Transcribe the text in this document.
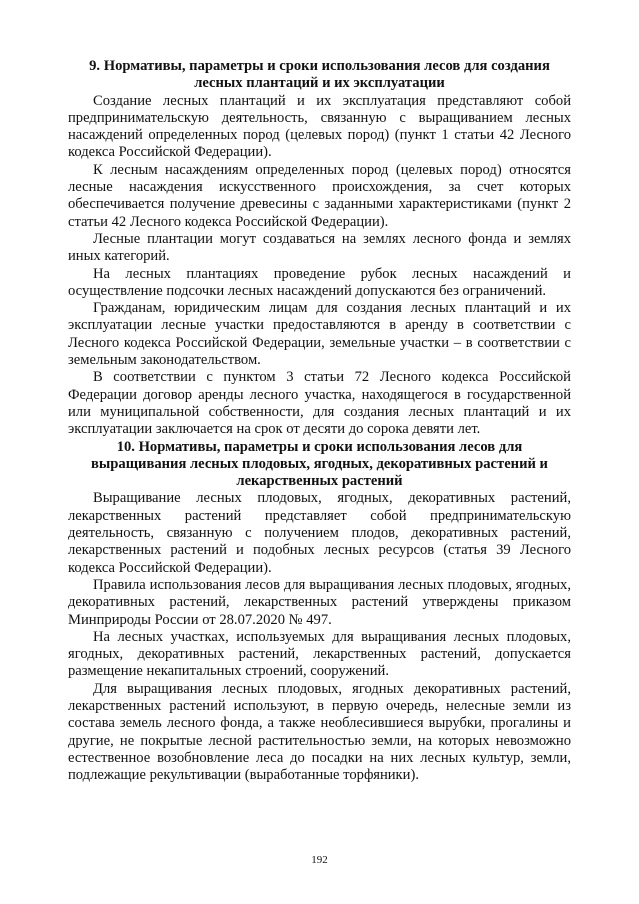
9. Нормативы, параметры и сроки использования лесов для создания лесных плантаций и их эксплуатации

Создание лесных плантаций и их эксплуатация представляют собой предпринимательскую деятельность, связанную с выращиванием лесных насаждений определенных пород (целевых пород) (пункт 1 статьи 42 Лесного кодекса Российской Федерации).

К лесным насаждениям определенных пород (целевых пород) относятся лесные насаждения искусственного происхождения, за счет которых обеспечивается получение древесины с заданными характеристиками (пункт 2 статьи 42 Лесного кодекса Российской Федерации).

Лесные плантации могут создаваться на землях лесного фонда и землях иных категорий.

На лесных плантациях проведение рубок лесных насаждений и осуществление подсочки лесных насаждений допускаются без ограничений.

Гражданам, юридическим лицам для создания лесных плантаций и их эксплуатации лесные участки предоставляются в аренду в соответствии с Лесного кодекса Российской Федерации, земельные участки – в соответствии с земельным законодательством.

В соответствии с пунктом 3 статьи 72 Лесного кодекса Российской Федерации договор аренды лесного участка, находящегося в государственной или муниципальной собственности, для создания лесных плантаций и их эксплуатации заключается на срок от десяти до сорока девяти лет.

10. Нормативы, параметры и сроки использования лесов для выращивания лесных плодовых, ягодных, декоративных растений и лекарственных растений

Выращивание лесных плодовых, ягодных, декоративных растений, лекарственных растений представляет собой предпринимательскую деятельность, связанную с получением плодов, декоративных растений, лекарственных растений и подобных лесных ресурсов (статья 39 Лесного кодекса Российской Федерации).

Правила использования лесов для выращивания лесных плодовых, ягодных, декоративных растений, лекарственных растений утверждены приказом Минприроды России от 28.07.2020 № 497.

На лесных участках, используемых для выращивания лесных плодовых, ягодных, декоративных растений, лекарственных растений, допускается размещение некапитальных строений, сооружений.

Для выращивания лесных плодовых, ягодных декоративных растений, лекарственных растений используют, в первую очередь, нелесные земли из состава земель лесного фонда, а также необлесившиеся вырубки, прогалины и другие, не покрытые лесной растительностью земли, на которых невозможно естественное возобновление леса до посадки на них лесных культур, земли, подлежащие рекультивации (выработанные торфяники).

192
